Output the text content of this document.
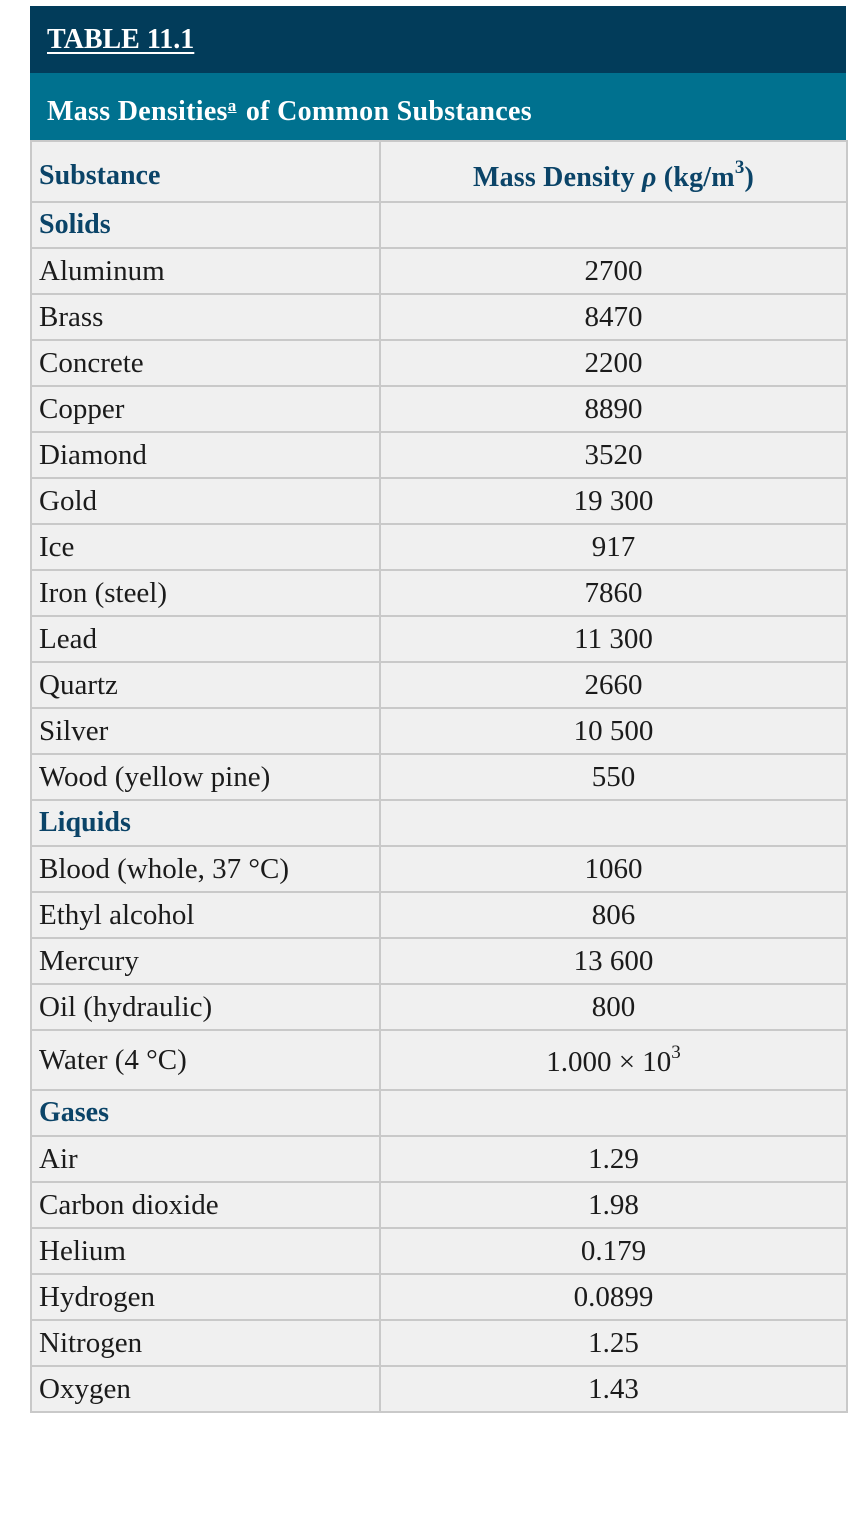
TABLE 11.1
Mass Densities$^a$ of Common Substances
Substance	Mass Density ρ $(kg/m^3)$
Solids	
Aluminum	2700
Brass	8470
Concrete	2200
Copper	8890
Diamond	3520
Gold	19 300
Ice	917
Iron (steel)	7860
Lead	11 300
Quartz	2660
Silver	10 500
Wood (yellow pine)	550
Liquids	
Blood (whole, 37 °C)	1060
Ethyl alcohol	806
Mercury	13 600
Oil (hydraulic)	800
Water (4 °C)	$1.000 \times 10^3$
Gases	
Air	1.29
Carbon dioxide	1.98
Helium	0.179
Hydrogen	0.0899
Nitrogen	1.25
Oxygen	1.43
